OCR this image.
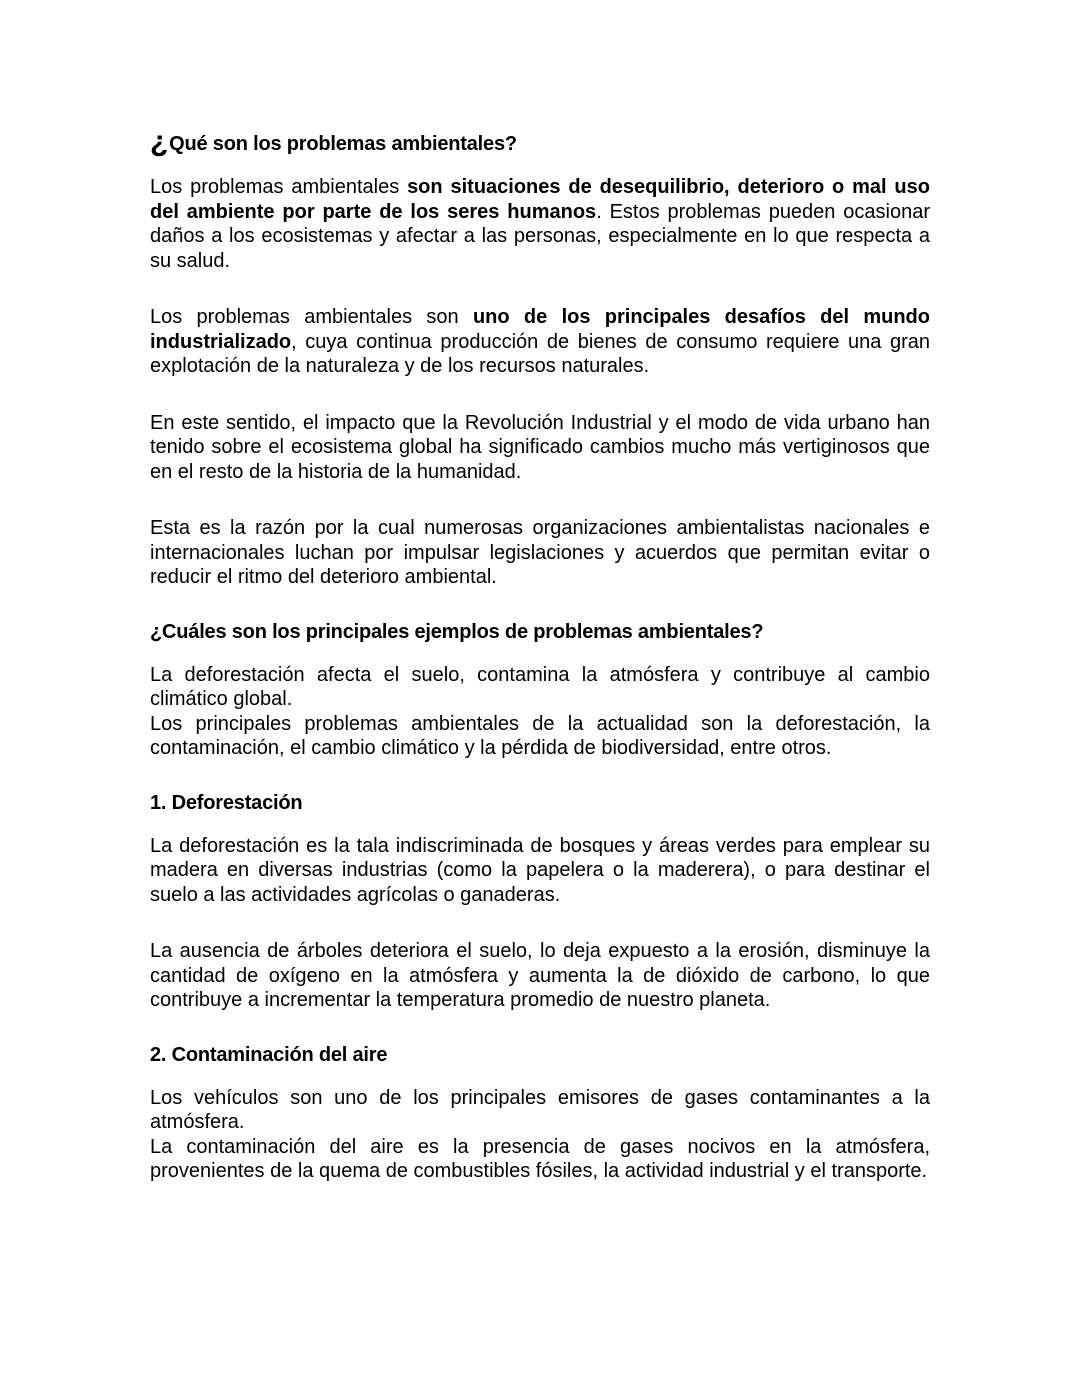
¿Qué son los problemas ambientales?

Los problemas ambientales son situaciones de desequilibrio, deterioro o mal uso del ambiente por parte de los seres humanos. Estos problemas pueden ocasionar daños a los ecosistemas y afectar a las personas, especialmente en lo que respecta a su salud.

Los problemas ambientales son uno de los principales desafíos del mundo industrializado, cuya continua producción de bienes de consumo requiere una gran explotación de la naturaleza y de los recursos naturales.

En este sentido, el impacto que la Revolución Industrial y el modo de vida urbano han tenido sobre el ecosistema global ha significado cambios mucho más vertiginosos que en el resto de la historia de la humanidad.

Esta es la razón por la cual numerosas organizaciones ambientalistas nacionales e internacionales luchan por impulsar legislaciones y acuerdos que permitan evitar o reducir el ritmo del deterioro ambiental.

¿Cuáles son los principales ejemplos de problemas ambientales?

La deforestación afecta el suelo, contamina la atmósfera y contribuye al cambio climático global.
Los principales problemas ambientales de la actualidad son la deforestación, la contaminación, el cambio climático y la pérdida de biodiversidad, entre otros.

1. Deforestación

La deforestación es la tala indiscriminada de bosques y áreas verdes para emplear su madera en diversas industrias (como la papelera o la maderera), o para destinar el suelo a las actividades agrícolas o ganaderas.

La ausencia de árboles deteriora el suelo, lo deja expuesto a la erosión, disminuye la cantidad de oxígeno en la atmósfera y aumenta la de dióxido de carbono, lo que contribuye a incrementar la temperatura promedio de nuestro planeta.

2. Contaminación del aire

Los vehículos son uno de los principales emisores de gases contaminantes a la atmósfera.
La contaminación del aire es la presencia de gases nocivos en la atmósfera, provenientes de la quema de combustibles fósiles, la actividad industrial y el transporte.
